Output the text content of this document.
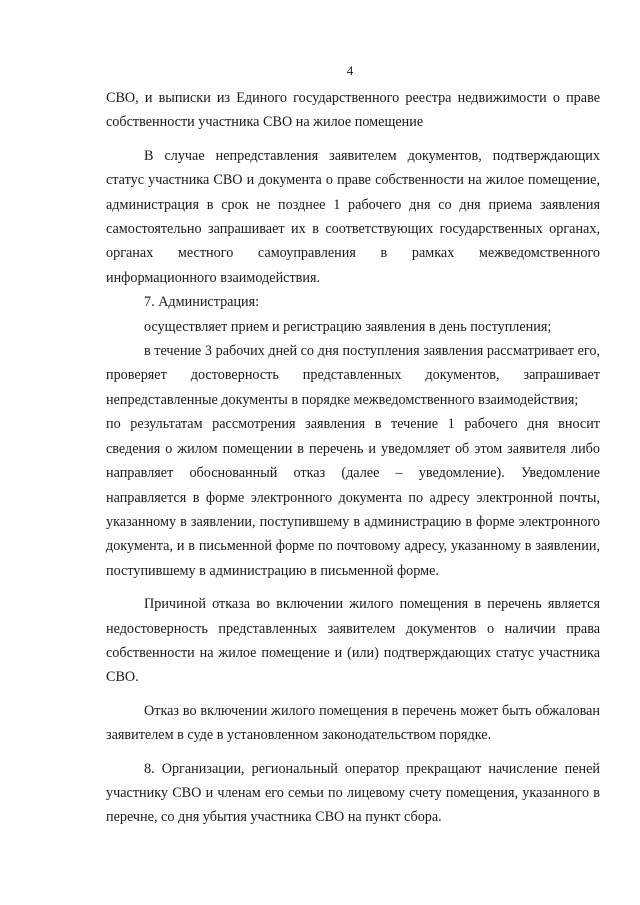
4

СВО, и выписки из Единого государственного реестра недвижимости о праве собственности участника СВО на жилое помещение

В случае непредставления заявителем документов, подтверждающих статус участника СВО и документа о праве собственности на жилое помещение, администрация в срок не позднее 1 рабочего дня со дня приема заявления самостоятельно запрашивает их в соответствующих государственных органах, органах местного самоуправления в рамках межведомственного информационного взаимодействия.

7. Администрация:

осуществляет прием и регистрацию заявления в день поступления;

в течение 3 рабочих дней со дня поступления заявления рассматривает его, проверяет достоверность представленных документов, запрашивает непредставленные документы в порядке межведомственного взаимодействия;

по результатам рассмотрения заявления в течение 1 рабочего дня вносит сведения о жилом помещении в перечень и уведомляет об этом заявителя либо направляет обоснованный отказ (далее – уведомление). Уведомление направляется в форме электронного документа по адресу электронной почты, указанному в заявлении, поступившему в администрацию в форме электронного документа, и в письменной форме по почтовому адресу, указанному в заявлении, поступившему в администрацию в письменной форме.

Причиной отказа во включении жилого помещения в перечень является недостоверность представленных заявителем документов о наличии права собственности на жилое помещение и (или) подтверждающих статус участника СВО.

Отказ во включении жилого помещения в перечень может быть обжалован заявителем в суде в установленном законодательством порядке.

8. Организации, региональный оператор прекращают начисление пеней участнику СВО и членам его семьи по лицевому счету помещения, указанного в перечне, со дня убытия участника СВО на пункт сбора.
